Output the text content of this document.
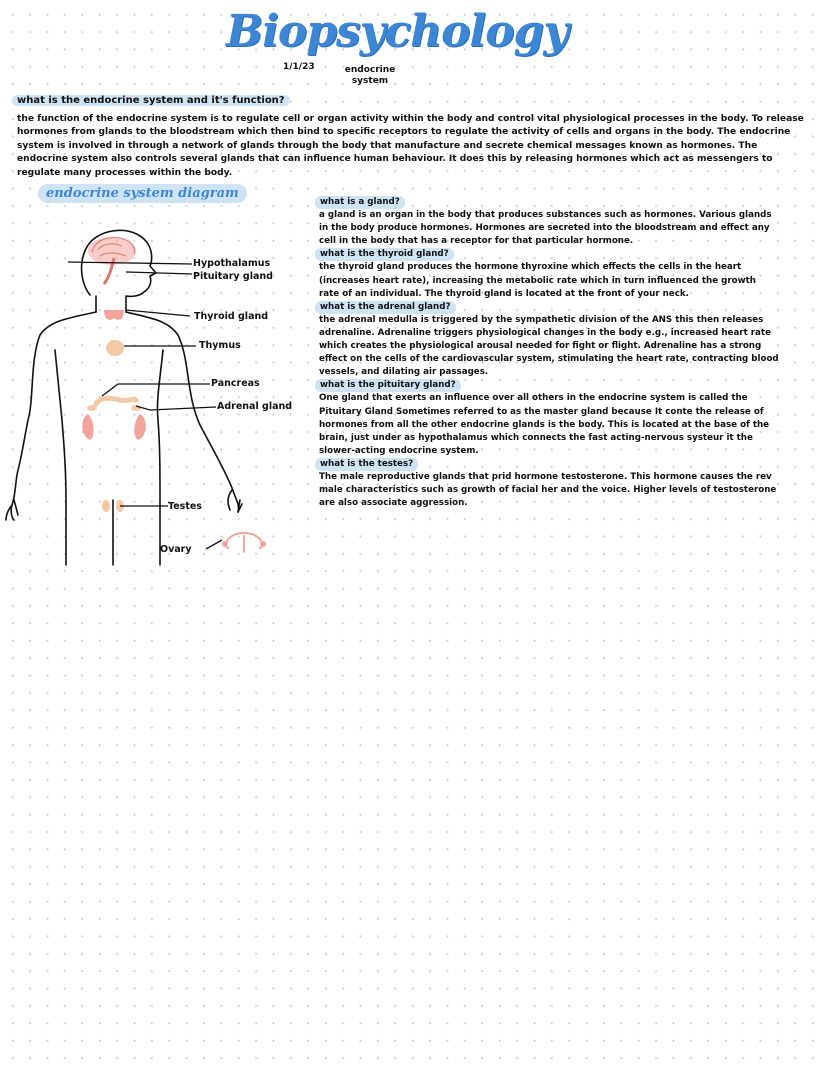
Biopsychology
1/1/23	endocrine system
what is the endocrine system and it's function?
the function of the endocrine system is to regulate cell or organ activity within the body and control vital physiological processes in the body. To release hormones from glands to the bloodstream which then bind to specific receptors to regulate the activity of cells and organs in the body. The endocrine system is involved in through a network of glands through the body that manufacture and secrete chemical messages known as hormones. The endocrine system also controls several glands that can influence human behaviour. It does this by releasing hormones which act as messengers to regulate many processes within the body.
endocrine system diagram
Hypothalamus
Pituitary gland
Thyroid gland
Thymus
Pancreas
Adrenal gland
Testes
Ovary

what is a gland?

a gland is an organ in the body that produces substances such as hormones. Various glands in the body produce hormones. Hormones are secreted into the bloodstream and effect any cell in the body that has a receptor for that particular hormone.

what is the thyroid gland?

the thyroid gland produces the hormone thyroxine which effects the cells in the heart (increases heart rate), increasing the metabolic rate which in turn influenced the growth rate of an individual. The thyroid gland is located at the front of your neck.

what is the adrenal gland?

the adrenal medulla is triggered by the sympathetic division of the ANS this then releases adrenaline. Adrenaline triggers physiological changes in the body e.g., increased heart rate which creates the physiological arousal needed for fight or flight. Adrenaline has a strong effect on the cells of the cardiovascular system, stimulating the heart rate, contracting blood vessels, and dilating air passages.

what is the pituitary gland?

One gland that exerts an influence over all others in the endocrine system is called the Pituitary Gland Sometimes referred to as the master gland because It conte the release of hormones from all the other endocrine glands is the body. This is located at the base of the brain, just under as hypothalamus which connects the fast acting-nervous systeur it the slower-acting endocrine system.

what is the testes?

The male reproductive glands that prid hormone testosterone. This hormone causes the rev male characteristics such as growth of facial her and the voice. Higher levels of testosterone are also associate aggression.
